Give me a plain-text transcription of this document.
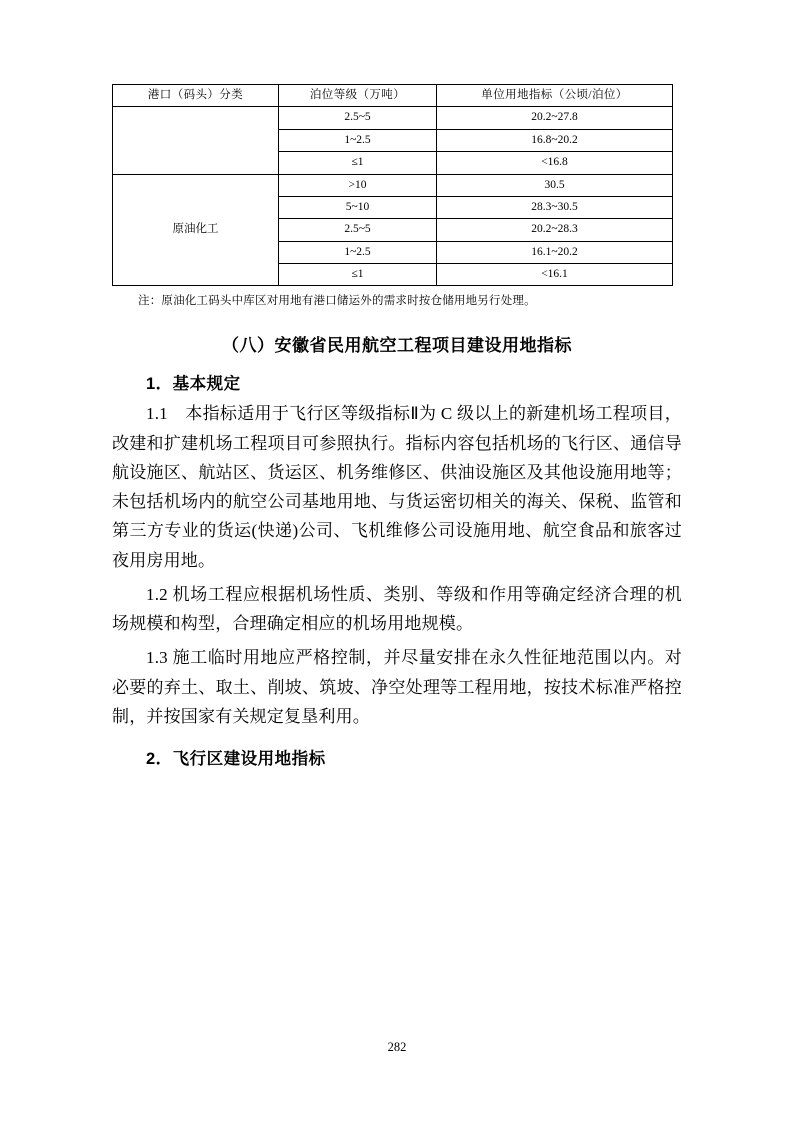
港口（码头）分类	泊位等级（万吨）	单位用地指标（公顷/泊位）
	2.5~5	20.2~27.8
	1~2.5	16.8~20.2
	≤1	<16.8
原油化工	>10	30.5
	5~10	28.3~30.5
	2.5~5	20.2~28.3
	1~2.5	16.1~20.2
	≤1	<16.1
注：原油化工码头中库区对用地有港口储运外的需求时按仓储用地另行处理。
（八）安徽省民用航空工程项目建设用地指标
1．基本规定

1.1　本指标适用于飞行区等级指标Ⅱ为 C 级以上的新建机场工程项目，改建和扩建机场工程项目可参照执行。指标内容包括机场的飞行区、通信导航设施区、航站区、货运区、机务维修区、供油设施区及其他设施用地等；未包括机场内的航空公司基地用地、与货运密切相关的海关、保税、监管和第三方专业的货运(快递)公司、飞机维修公司设施用地、航空食品和旅客过夜用房用地。

1.2 机场工程应根据机场性质、类别、等级和作用等确定经济合理的机场规模和构型，合理确定相应的机场用地规模。

1.3 施工临时用地应严格控制，并尽量安排在永久性征地范围以内。对必要的弃土、取土、削坡、筑坡、净空处理等工程用地，按技术标准严格控制，并按国家有关规定复垦利用。

2．飞行区建设用地指标
282
